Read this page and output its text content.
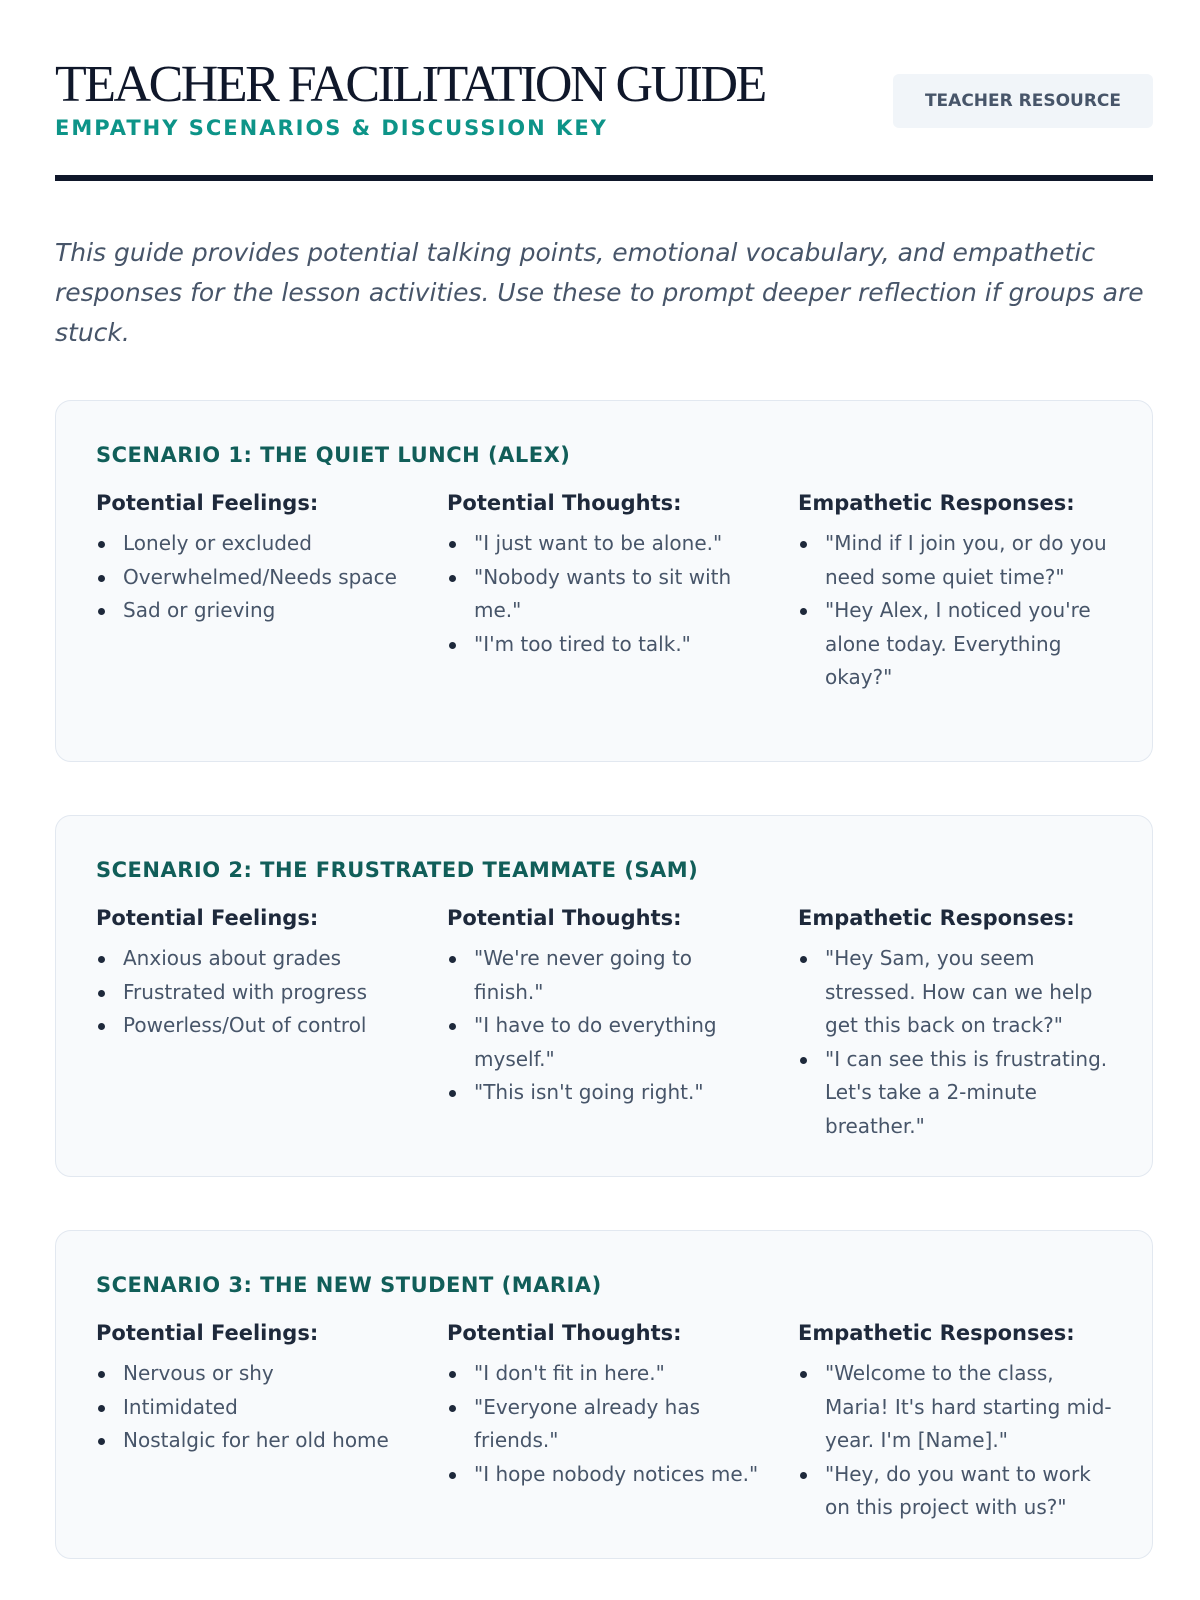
TEACHER FACILITATION GUIDE
EMPATHY SCENARIOS & DISCUSSION KEY
TEACHER RESOURCE

This guide provides potential talking points, emotional vocabulary, and empathetic responses for the lesson activities. Use these to prompt deeper reflection if groups are stuck.

SCENARIO 1: THE QUIET LUNCH (ALEX)
Potential Feelings:
Lonely or excluded
Overwhelmed/Needs space
Sad or grieving
Potential Thoughts:
"I just want to be alone."
"Nobody wants to sit with me."
"I'm too tired to talk."
Empathetic Responses:
"Mind if I join you, or do you need some quiet time?"
"Hey Alex, I noticed you're alone today. Everything okay?"
SCENARIO 2: THE FRUSTRATED TEAMMATE (SAM)
Potential Feelings:
Anxious about grades
Frustrated with progress
Powerless/Out of control
Potential Thoughts:
"We're never going to finish."
"I have to do everything myself."
"This isn't going right."
Empathetic Responses:
"Hey Sam, you seem stressed. How can we help get this back on track?"
"I can see this is frustrating. Let's take a 2-minute breather."
SCENARIO 3: THE NEW STUDENT (MARIA)
Potential Feelings:
Nervous or shy
Intimidated
Nostalgic for her old home
Potential Thoughts:
"I don't fit in here."
"Everyone already has friends."
"I hope nobody notices me."
Empathetic Responses:
"Welcome to the class, Maria! It's hard starting mid-year. I'm [Name]."
"Hey, do you want to work on this project with us?"
